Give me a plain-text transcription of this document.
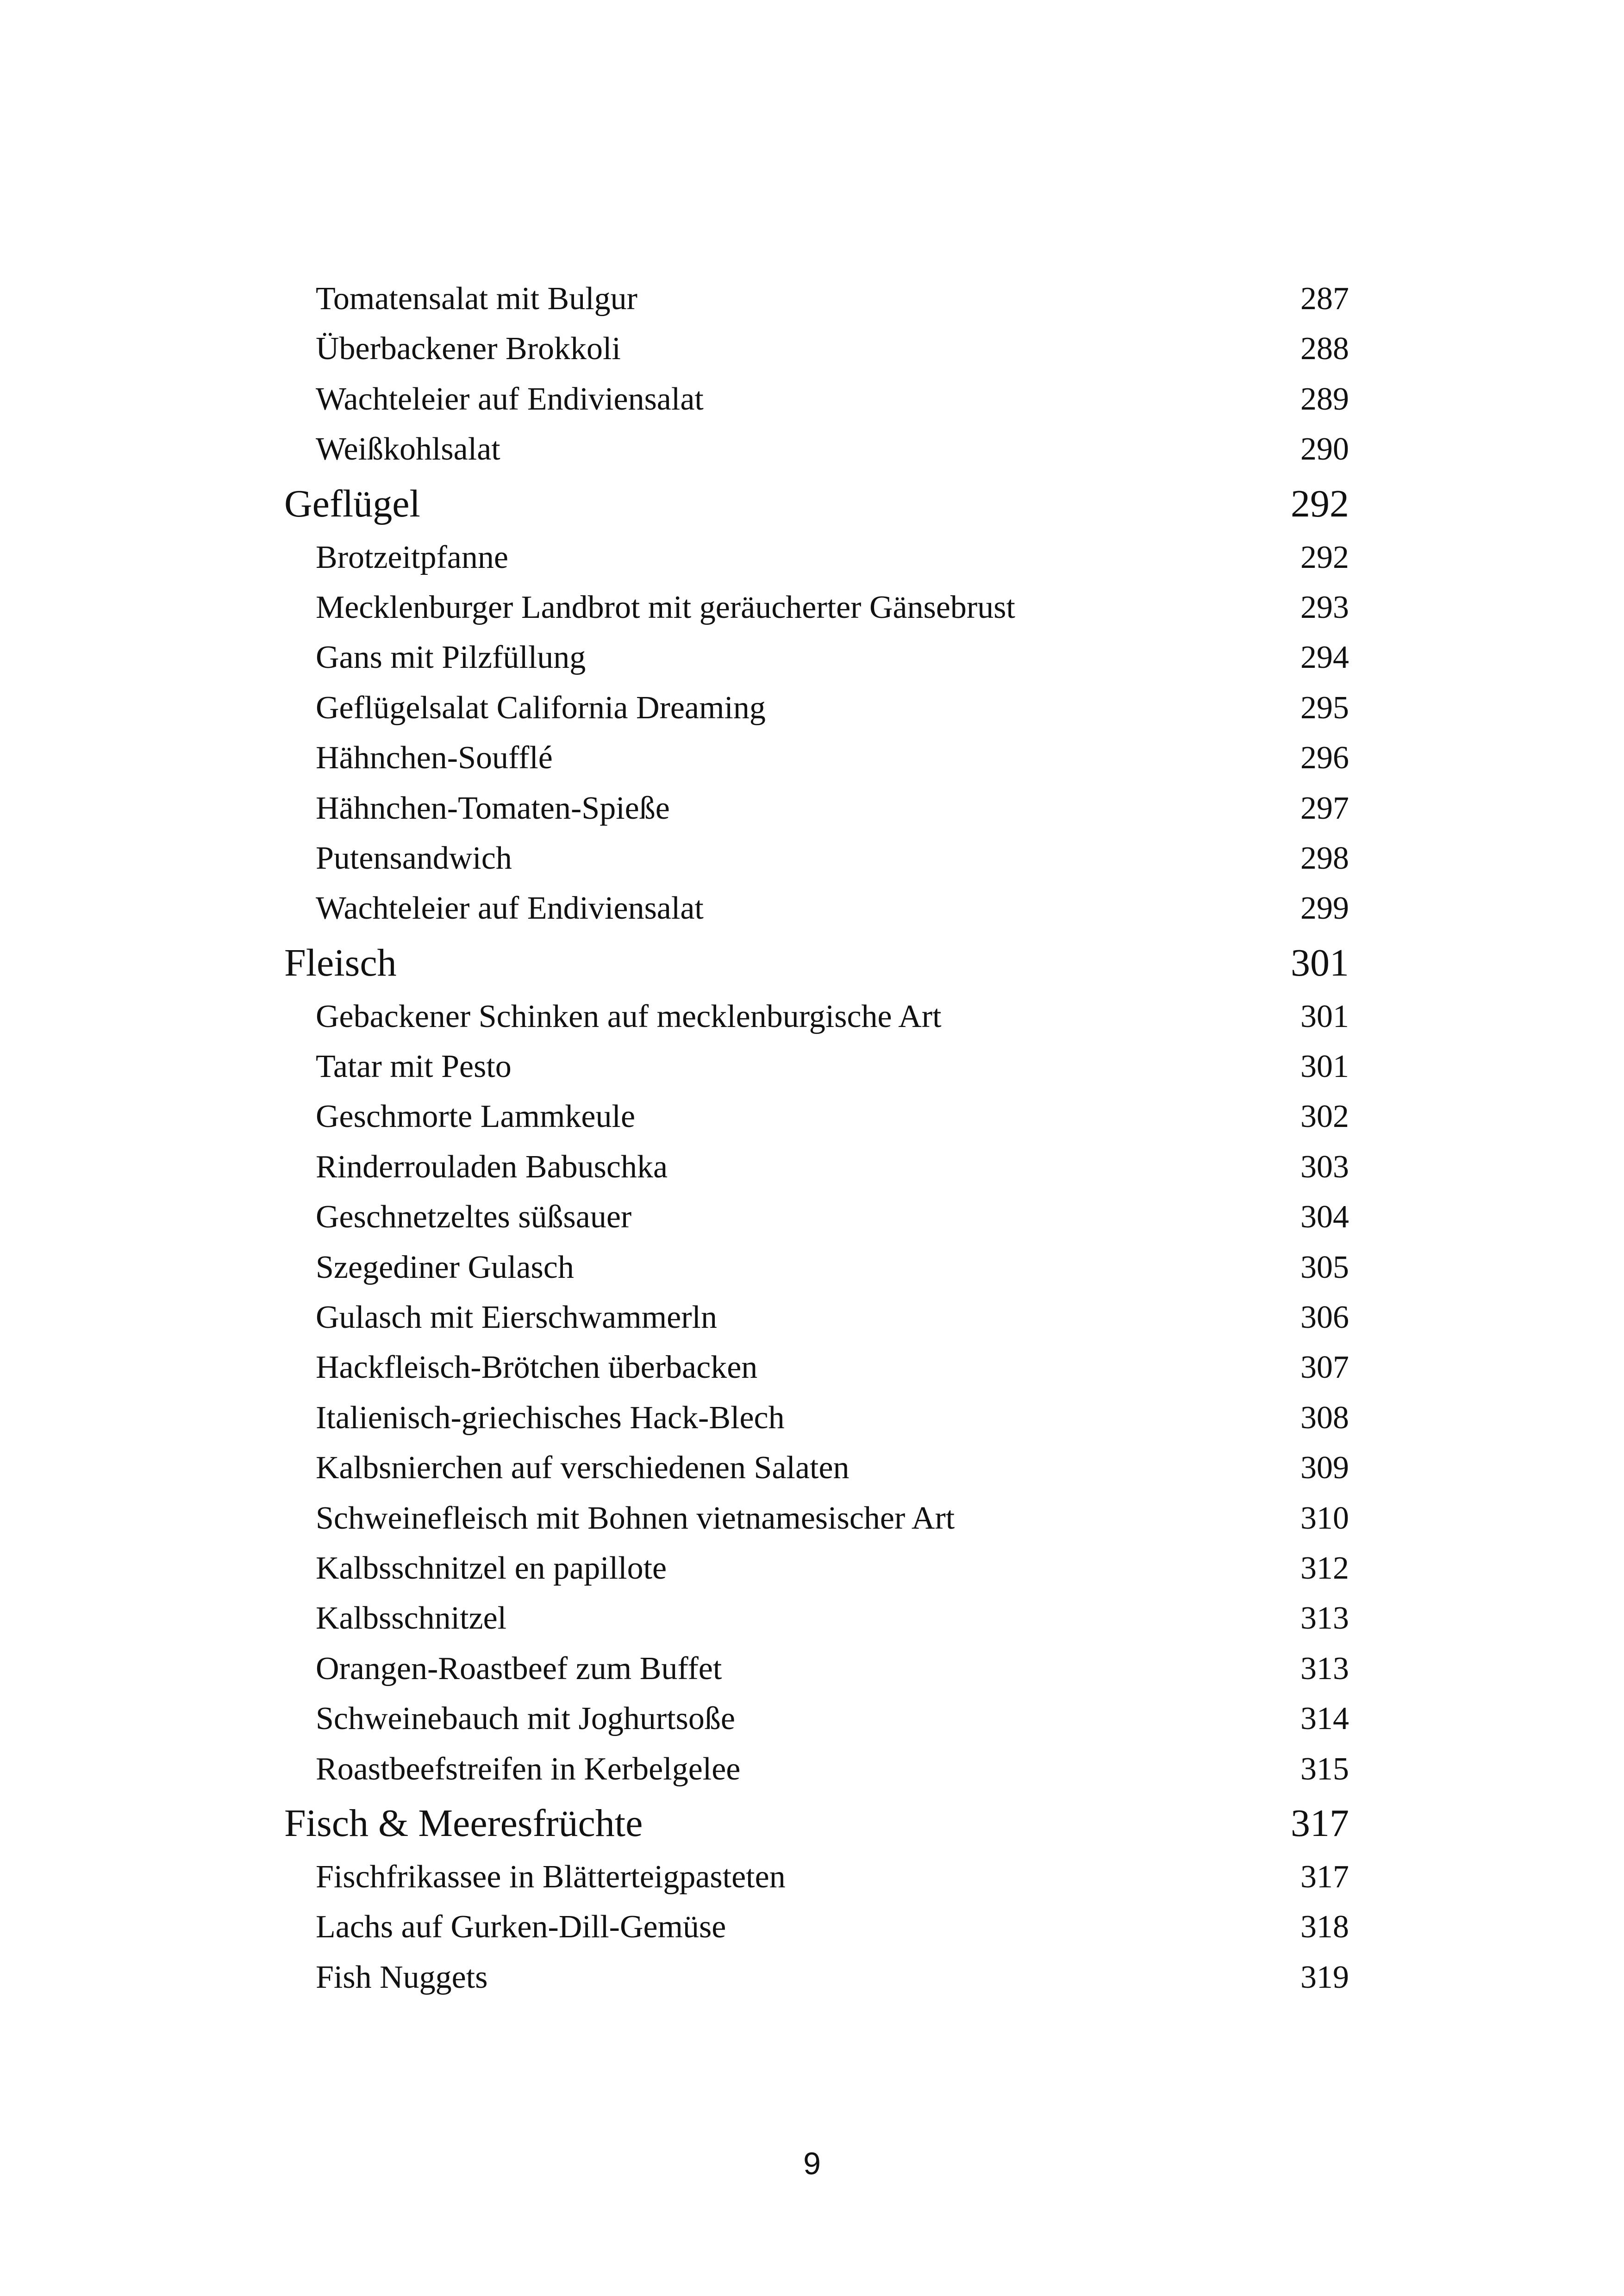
Tomatensalat mit Bulgur	287
Überbackener Brokkoli	288
Wachteleier auf Endiviensalat	289
Weißkohlsalat	290
Geflügel	292
Brotzeitpfanne	292
Mecklenburger Landbrot mit geräucherter Gänsebrust	293
Gans mit Pilzfüllung	294
Geflügelsalat California Dreaming	295
Hähnchen-Soufflé	296
Hähnchen-Tomaten-Spieße	297
Putensandwich	298
Wachteleier auf Endiviensalat	299
Fleisch	301
Gebackener Schinken auf mecklenburgische Art	301
Tatar mit Pesto	301
Geschmorte Lammkeule	302
Rinderrouladen Babuschka	303
Geschnetzeltes süßsauer	304
Szegediner Gulasch	305
Gulasch mit Eierschwammerln	306
Hackfleisch-Brötchen überbacken	307
Italienisch-griechisches Hack-Blech	308
Kalbsnierchen auf verschiedenen Salaten	309
Schweinefleisch mit Bohnen vietnamesischer Art	310
Kalbsschnitzel en papillote	312
Kalbsschnitzel	313
Orangen-Roastbeef zum Buffet	313
Schweinebauch mit Joghurtsoße	314
Roastbeefstreifen in Kerbelgelee	315
Fisch & Meeresfrüchte	317
Fischfrikassee in Blätterteigpasteten	317
Lachs auf Gurken-Dill-Gemüse	318
Fish Nuggets	319
9
